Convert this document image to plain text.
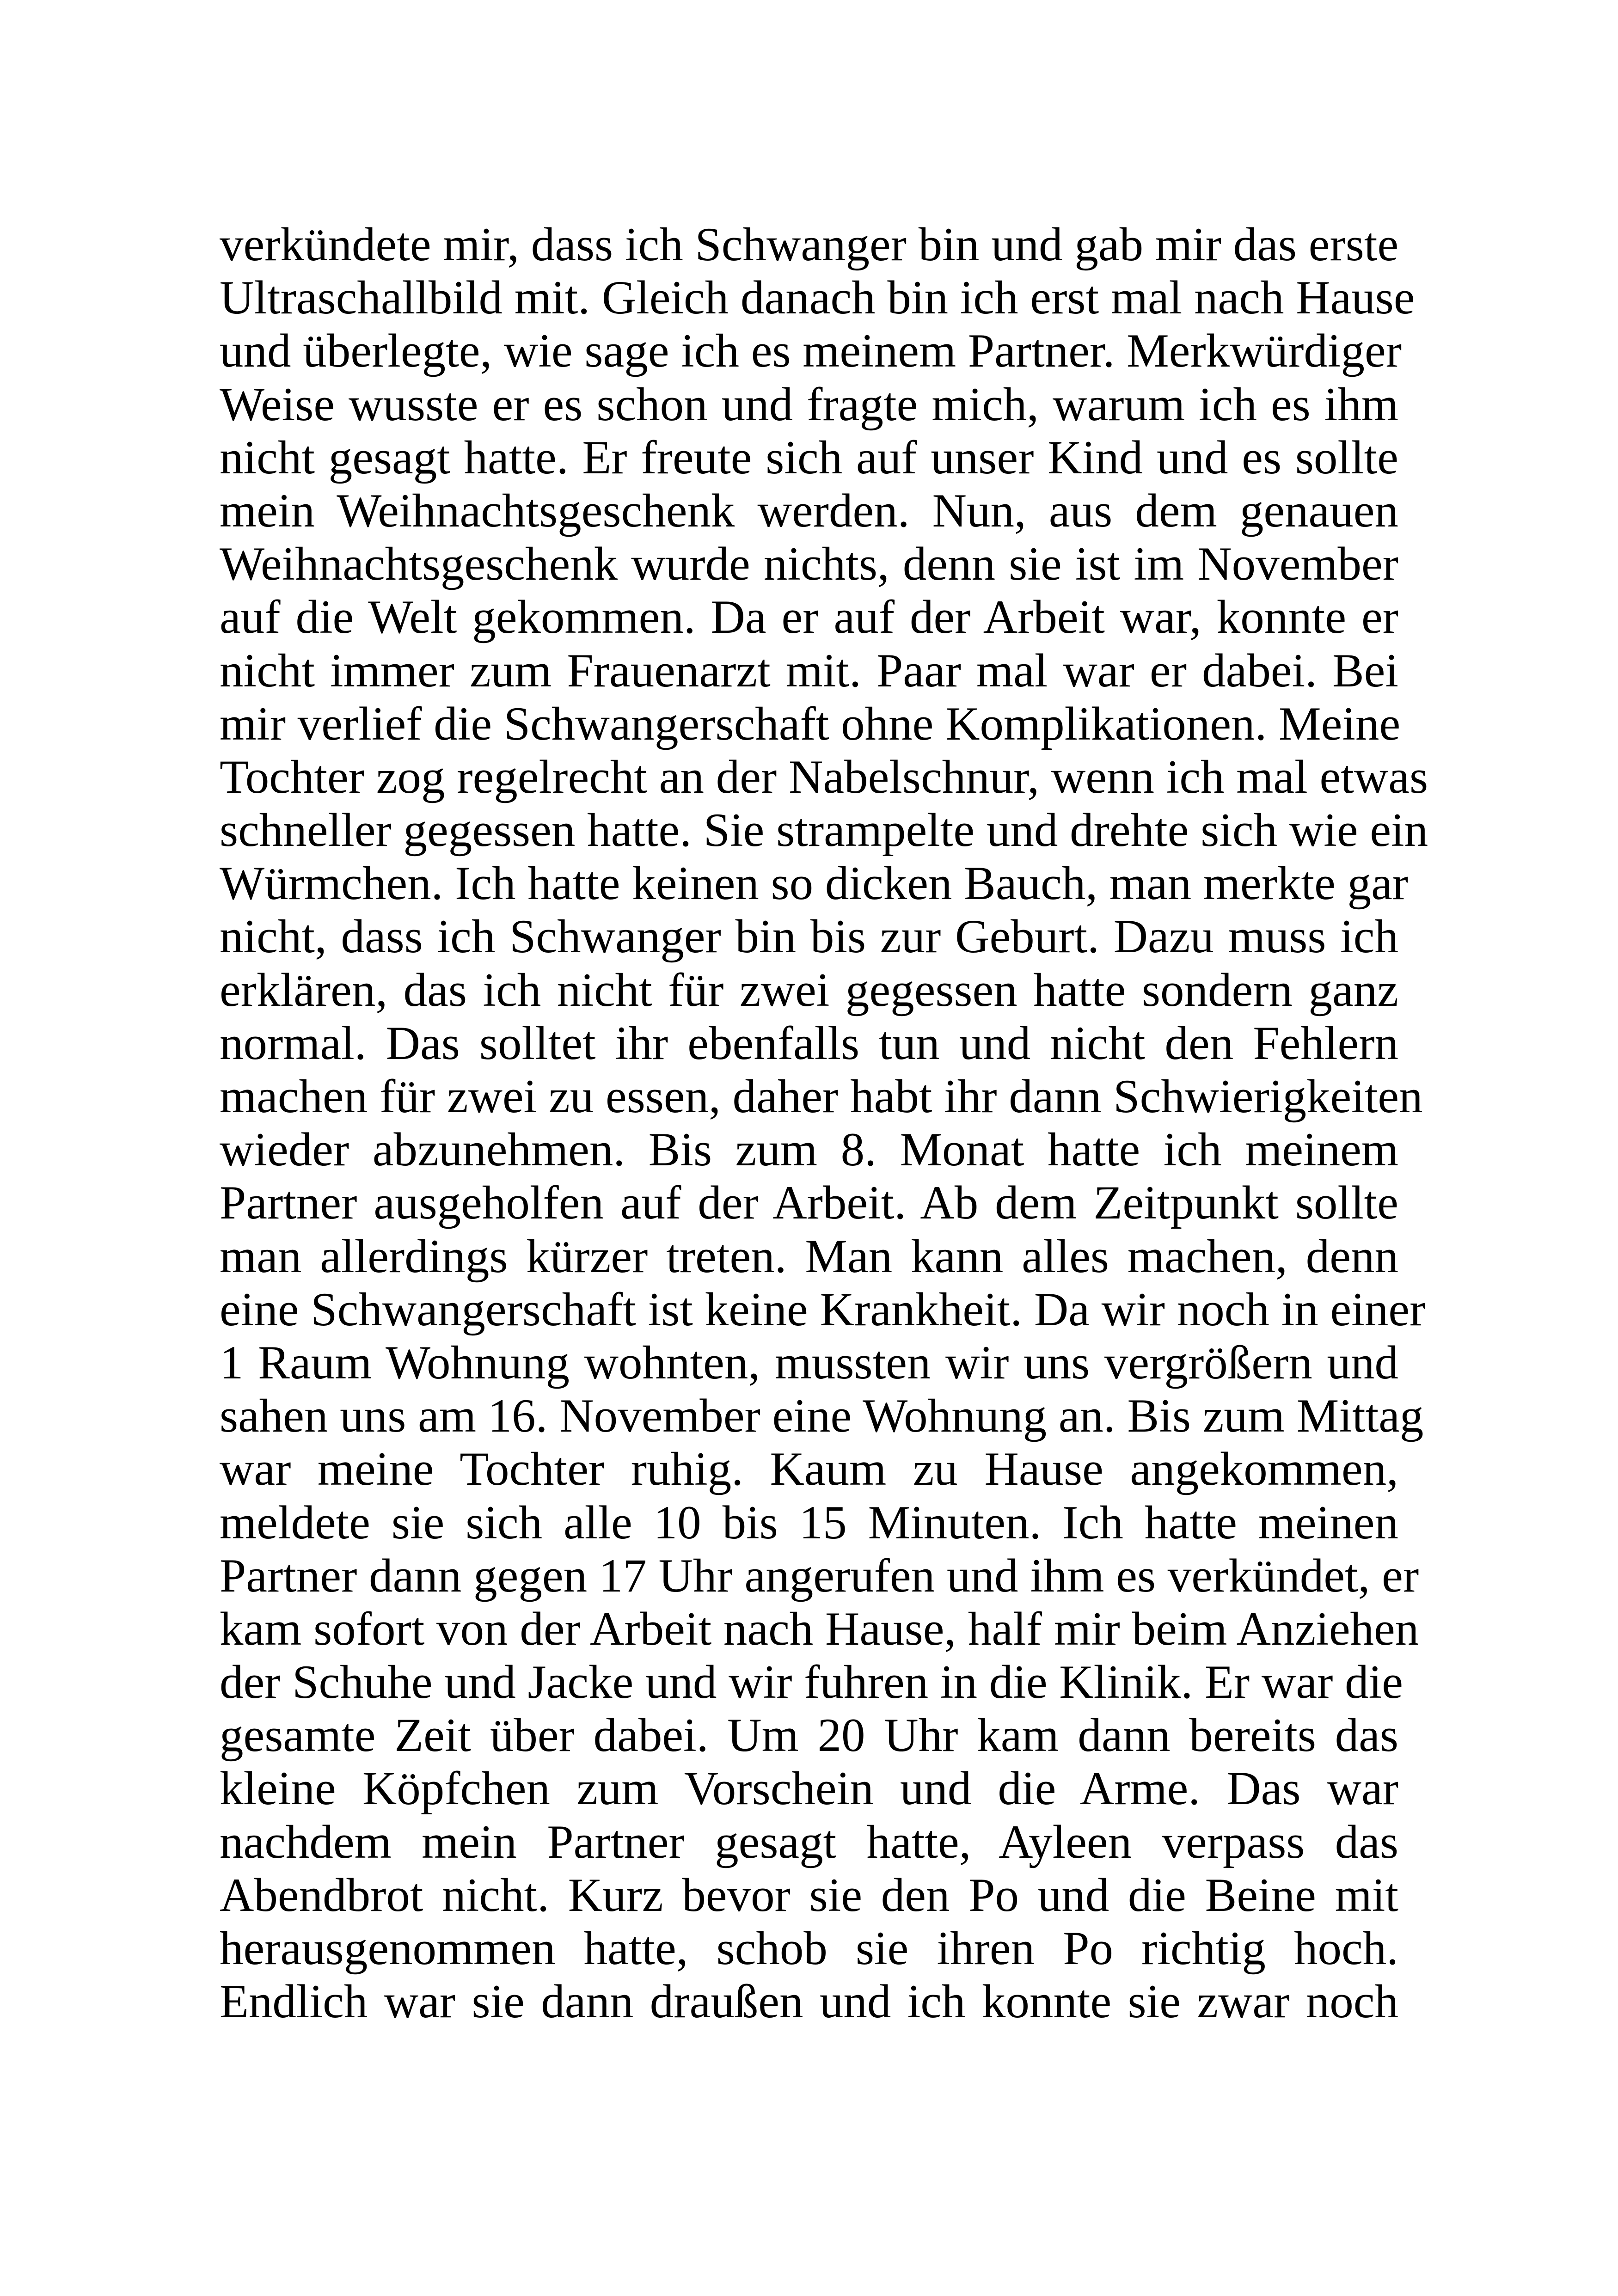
verkündete mir, dass ich Schwanger bin und gab mir das erste
Ultraschallbild mit. Gleich danach bin ich erst mal nach Hause
und überlegte, wie sage ich es meinem Partner. Merkwürdiger
Weise wusste er es schon und fragte mich, warum ich es ihm
nicht gesagt hatte. Er freute sich auf unser Kind und es sollte
mein Weihnachtsgeschenk werden. Nun, aus dem genauen
Weihnachtsgeschenk wurde nichts, denn sie ist im November
auf die Welt gekommen. Da er auf der Arbeit war, konnte er
nicht immer zum Frauenarzt mit. Paar mal war er dabei. Bei
mir verlief die Schwangerschaft ohne Komplikationen. Meine
Tochter zog regelrecht an der Nabelschnur, wenn ich mal etwas
schneller gegessen hatte. Sie strampelte und drehte sich wie ein
Würmchen. Ich hatte keinen so dicken Bauch, man merkte gar
nicht, dass ich Schwanger bin bis zur Geburt. Dazu muss ich
erklären, das ich nicht für zwei gegessen hatte sondern ganz
normal. Das solltet ihr ebenfalls tun und nicht den Fehlern
machen für zwei zu essen, daher habt ihr dann Schwierigkeiten
wieder abzunehmen. Bis zum 8. Monat hatte ich meinem
Partner ausgeholfen auf der Arbeit. Ab dem Zeitpunkt sollte
man allerdings kürzer treten. Man kann alles machen, denn
eine Schwangerschaft ist keine Krankheit. Da wir noch in einer
1 Raum Wohnung wohnten, mussten wir uns vergrößern und
sahen uns am 16. November eine Wohnung an. Bis zum Mittag
war meine Tochter ruhig. Kaum zu Hause angekommen,
meldete sie sich alle 10 bis 15 Minuten. Ich hatte meinen
Partner dann gegen 17 Uhr angerufen und ihm es verkündet, er
kam sofort von der Arbeit nach Hause, half mir beim Anziehen
der Schuhe und Jacke und wir fuhren in die Klinik. Er war die
gesamte Zeit über dabei. Um 20 Uhr kam dann bereits das
kleine Köpfchen zum Vorschein und die Arme. Das war
nachdem mein Partner gesagt hatte, Ayleen verpass das
Abendbrot nicht. Kurz bevor sie den Po und die Beine mit
herausgenommen hatte, schob sie ihren Po richtig hoch.
Endlich war sie dann draußen und ich konnte sie zwar noch
